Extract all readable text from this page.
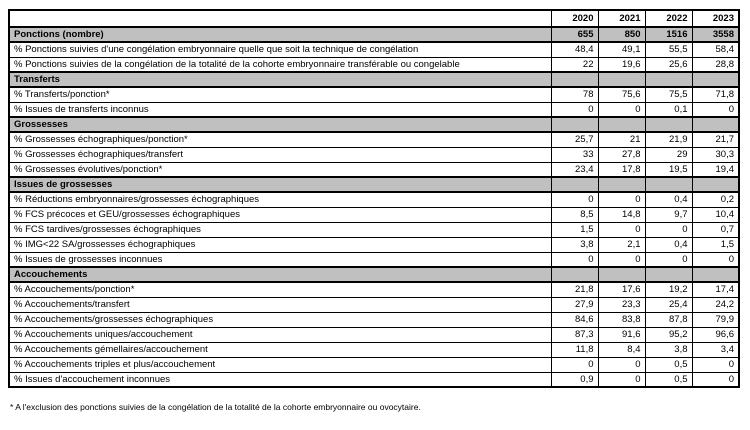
	2020	2021	2022	2023
Ponctions (nombre)	655	850	1516	3558
% Ponctions suivies d'une congélation embryonnaire quelle que soit la technique de congélation	48,4	49,1	55,5	58,4
% Ponctions suivies de la congélation de la totalité de la cohorte embryonnaire transférable ou congelable	22	19,6	25,6	28,8
Transferts				
% Transferts/ponction*	78	75,6	75,5	71,8
% Issues de transferts inconnus	0	0	0,1	0
Grossesses				
% Grossesses échographiques/ponction*	25,7	21	21,9	21,7
% Grossesses échographiques/transfert	33	27,8	29	30,3
% Grossesses évolutives/ponction*	23,4	17,8	19,5	19,4
Issues de grossesses				
% Réductions embryonnaires/grossesses échographiques	0	0	0,4	0,2
% FCS précoces et GEU/grossesses échographiques	8,5	14,8	9,7	10,4
% FCS tardives/grossesses échographiques	1,5	0	0	0,7
% IMG<22 SA/grossesses échographiques	3,8	2,1	0,4	1,5
% Issues de grossesses inconnues	0	0	0	0
Accouchements				
% Accouchements/ponction*	21,8	17,6	19,2	17,4
% Accouchements/transfert	27,9	23,3	25,4	24,2
% Accouchements/grossesses échographiques	84,6	83,8	87,8	79,9
% Accouchements uniques/accouchement	87,3	91,6	95,2	96,6
% Accouchements gémellaires/accouchement	11,8	8,4	3,8	3,4
% Accouchements triples et plus/accouchement	0	0	0,5	0
% Issues d'accouchement inconnues	0,9	0	0,5	0
* A l'exclusion des ponctions suivies de la congélation de la totalité de la cohorte embryonnaire ou ovocytaire.
